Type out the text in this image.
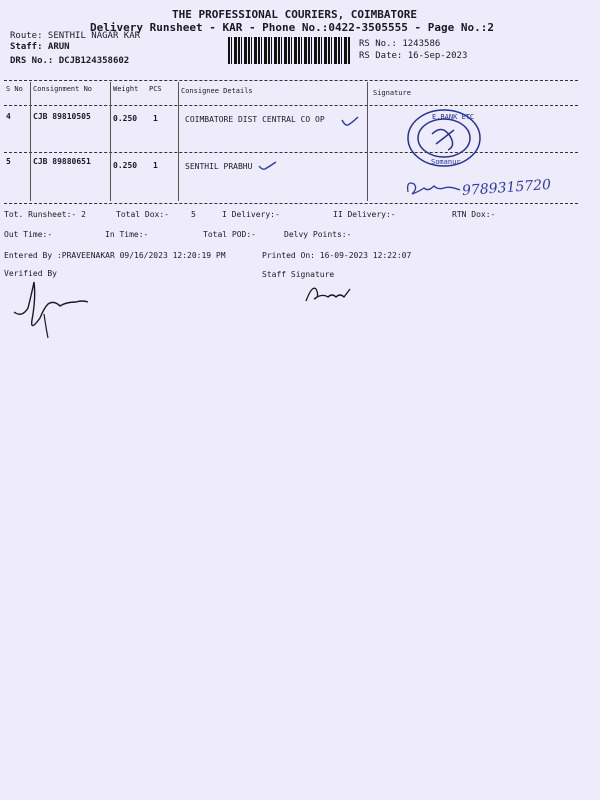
THE PROFESSIONAL COURIERS, COIMBATORE
Delivery Runsheet - KAR - Phone No.:0422-3505555 - Page No.:2
Route: SENTHIL NAGAR KAR
Staff: ARUN
DRS No.: DCJB124358602
RS No.: 1243586
RS Date: 16-Sep-2023
S No Consignment No	Weight PCS	Consignee Details	Signature
4	CJB 89810505	0.250 1	COIMBATORE DIST CENTRAL CO OP
5	CJB 89880651	0.250 1	SENTHIL PRABHU
E.BANK ETC
Somanur
9789315720
Tot. Runsheet:- 2	Total Dox:-	5	I Delivery:-	II Delivery:-	RTN Dox:-
Out Time:-	In Time:-	Total POD:-	Delvy Points:-
Entered By :PRAVEENAKAR 09/16/2023 12:20:19 PM	Printed On: 16-09-2023 12:22:07
Verified By	Staff Signature
